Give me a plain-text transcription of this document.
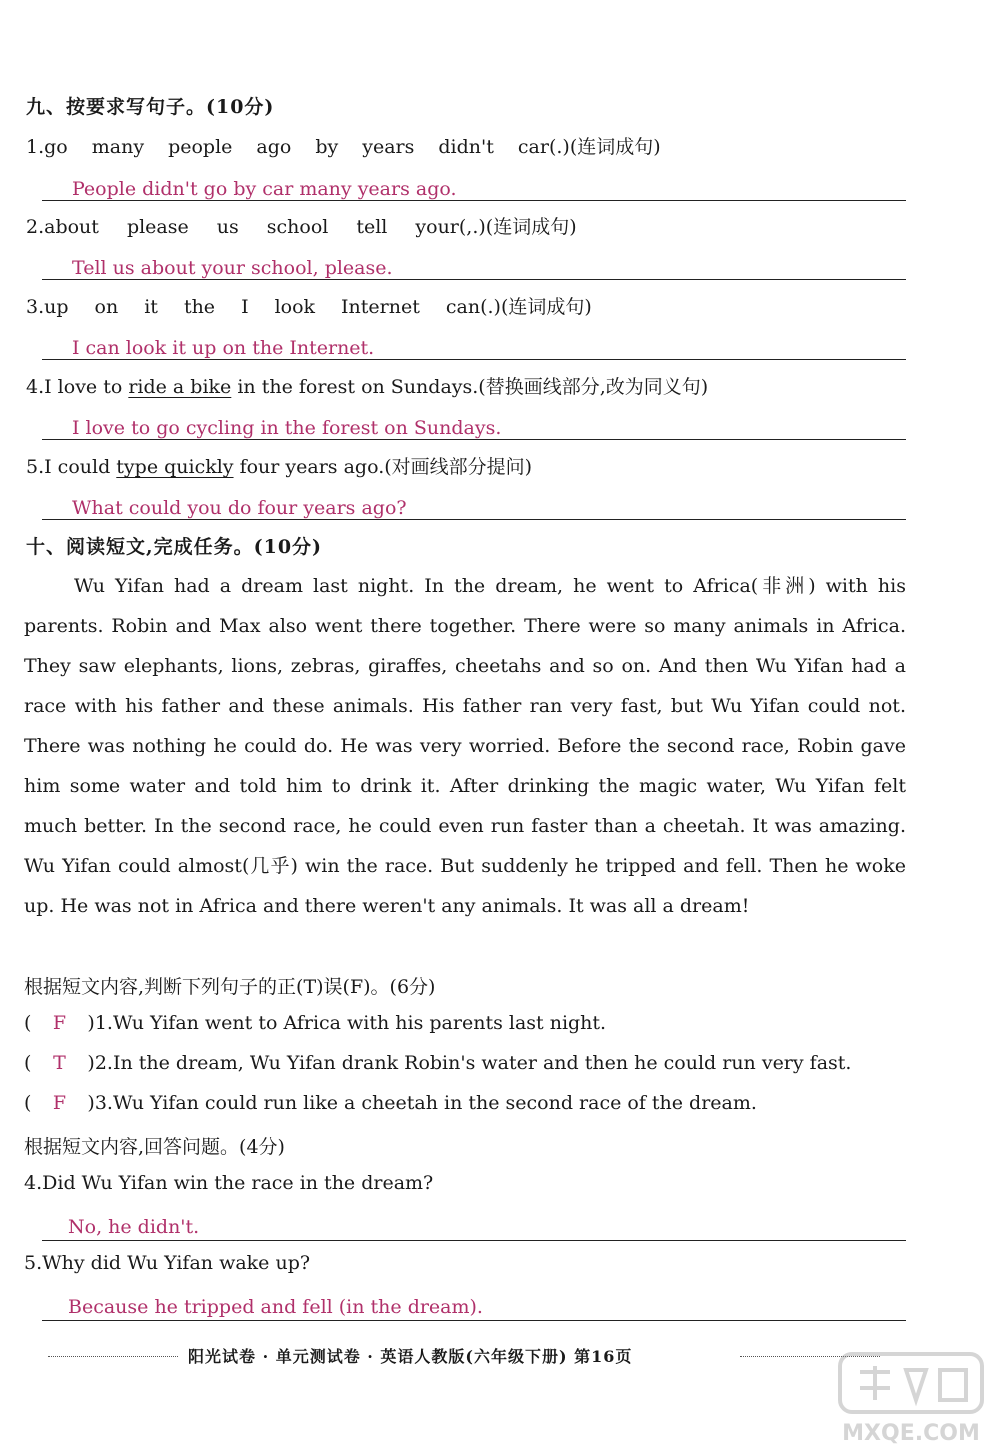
九、按要求写句子。(10分)
1.go many people ago by years didn't car(.)(连词成句)
People didn't go by car many years ago.
2.about please us school tell your(,.)(连词成句)
Tell us about your school, please.
3.up on it the I look Internet can(.)(连词成句)
I can look it up on the Internet.
4.I love to ride a bike in the forest on Sundays.(替换画线部分,改为同义句)
I love to go cycling in the forest on Sundays.
5.I could type quickly four years ago.(对画线部分提问)
What could you do four years ago?
十、阅读短文,完成任务。(10分)

Wu Yifan had a dream last night. In the dream, he went to Africa(非洲) with his parents. Robin and Max also went there together. There were so many animals in Africa. They saw elephants, lions, zebras, giraffes, cheetahs and so on. And then Wu Yifan had a race with his father and these animals. His father ran very fast, but Wu Yifan could not. There was nothing he could do. He was very worried. Before the second race, Robin gave him some water and told him to drink it. After drinking the magic water, Wu Yifan felt much better. In the second race, he could even run faster than a cheetah. It was amazing. Wu Yifan could almost(几乎) win the race. But suddenly he tripped and fell. Then he woke up. He was not in Africa and there weren't any animals. It was all a dream!

根据短文内容,判断下列句子的正(T)误(F)。(6分)
( F )1.Wu Yifan went to Africa with his parents last night.
( T )2.In the dream, Wu Yifan drank Robin's water and then he could run very fast.
( F )3.Wu Yifan could run like a cheetah in the second race of the dream.
根据短文内容,回答问题。(4分)
4.Did Wu Yifan win the race in the dream?
No, he didn't.
5.Why did Wu Yifan wake up?
Because he tripped and fell (in the dream).
阳光试卷 · 单元测试卷 · 英语人教版(六年级下册) 第16页
MXQE.COM
